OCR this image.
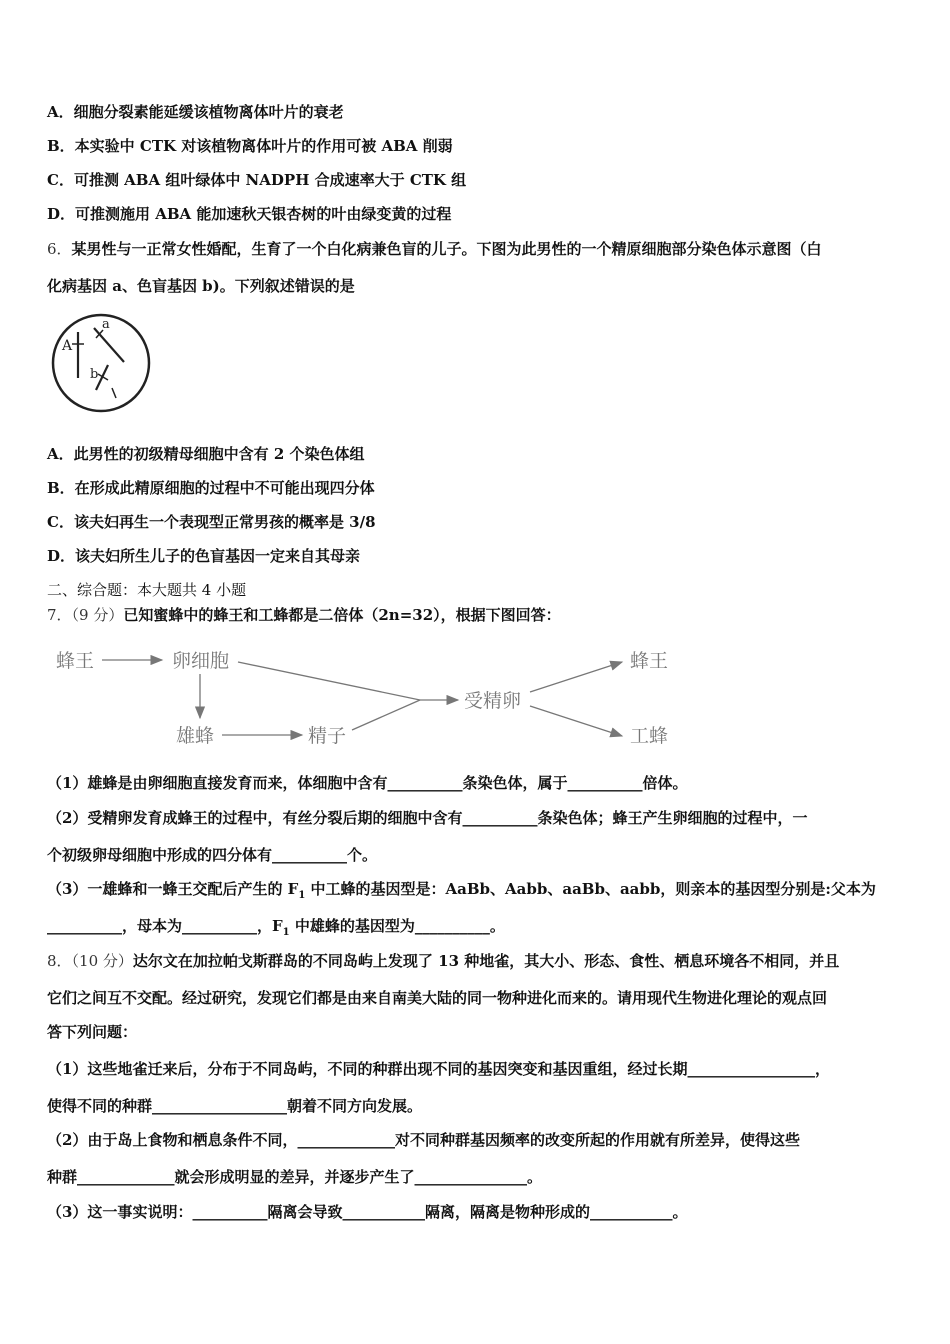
A．细胞分裂素能延缓该植物离体叶片的衰老
B．本实验中 CTK 对该植物离体叶片的作用可被 ABA 削弱
C．可推测 ABA 组叶绿体中 NADPH 合成速率大于 CTK 组
D．可推测施用 ABA 能加速秋天银杏树的叶由绿变黄的过程
6．某男性与一正常女性婚配，生育了一个白化病兼色盲的儿子。下图为此男性的一个精原细胞部分染色体示意图（白
化病基因 a、色盲基因 b)。下列叙述错误的是
A
a
b
A．此男性的初级精母细胞中含有 2 个染色体组
B．在形成此精原细胞的过程中不可能出现四分体
C．该夫妇再生一个表现型正常男孩的概率是 3/8
D．该夫妇所生儿子的色盲基因一定来自其母亲
二、综合题：本大题共 4 小题
7．（9 分）已知蜜蜂中的蜂王和工蜂都是二倍体（2n=32），根据下图回答：
蜂王	卵细胞
雄蜂	精子
受精卵
蜂王
工蜂
（1）雄蜂是由卵细胞直接发育而来，体细胞中含有__________条染色体，属于__________倍体。
（2）受精卵发育成蜂王的过程中，有丝分裂后期的细胞中含有__________条染色体；蜂王产生卵细胞的过程中，一
个初级卵母细胞中形成的四分体有__________个。
（3）一雄蜂和一蜂王交配后产生的 $F_1$ 中工蜂的基因型是：AaBb、Aabb、aaBb、aabb，则亲本的基因型分别是:父本为
__________，母本为__________，$F_1$ 中雄蜂的基因型为__________。
8．（10 分）达尔文在加拉帕戈斯群岛的不同岛屿上发现了 13 种地雀，其大小、形态、食性、栖息环境各不相同，并且
它们之间互不交配。经过研究，发现它们都是由来自南美大陆的同一物种进化而来的。请用现代生物进化理论的观点回
答下列问题：
（1）这些地雀迁来后，分布于不同岛屿，不同的种群出现不同的基因突变和基因重组，经过长期_________________，
使得不同的种群__________________朝着不同方向发展。
（2）由于岛上食物和栖息条件不同，_____________对不同种群基因频率的改变所起的作用就有所差异，使得这些
种群_____________就会形成明显的差异，并逐步产生了_______________。
（3）这一事实说明：__________隔离会导致___________隔离，隔离是物种形成的___________。
